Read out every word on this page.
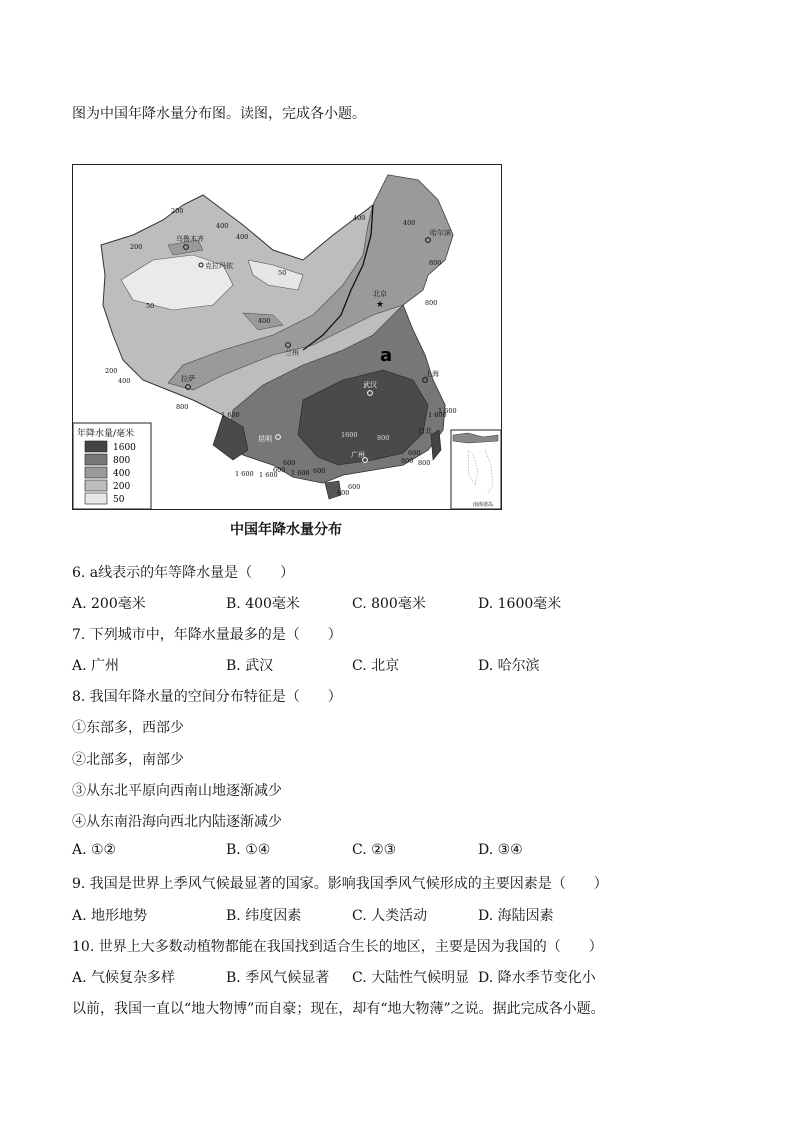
图为中国年降水量分布图。读图，完成各小题。
a
乌鲁木齐
克拉玛依
哈尔滨
★
北京
兰州
拉萨
武汉
上海
昆明
广州
台北
200
400
50
200
400
50
400
800
200
400
400
800
1 600
400
800
1 600
600
1 600
1600
600
800
1 600
800
600
800
1 600
600
600
1 600
600
年降水量/毫米
1600
800
400
200
50	南海诸岛
中国年降水量分布
6. a线表示的年等降水量是（　　）
A. 200毫米	B. 400毫米	C. 800毫米	D. 1600毫米
7. 下列城市中，年降水量最多的是（　　）
A. 广州	B. 武汉	C. 北京	D. 哈尔滨
8. 我国年降水量的空间分布特征是（　　）
①东部多，西部少
②北部多，南部少
③从东北平原向西南山地逐渐减少
④从东南沿海向西北内陆逐渐减少
A. ①②	B. ①④	C. ②③	D. ③④
9. 我国是世界上季风气候最显著的国家。影响我国季风气候形成的主要因素是（　　）
A. 地形地势	B. 纬度因素	C. 人类活动	D. 海陆因素
10. 世界上大多数动植物都能在我国找到适合生长的地区，主要是因为我国的（　　）
A. 气候复杂多样	B. 季风气候显著 C. 大陆性气候明显 D. 降水季节变化小
以前，我国一直以“地大物博”而自豪；现在，却有“地大物薄”之说。据此完成各小题。
